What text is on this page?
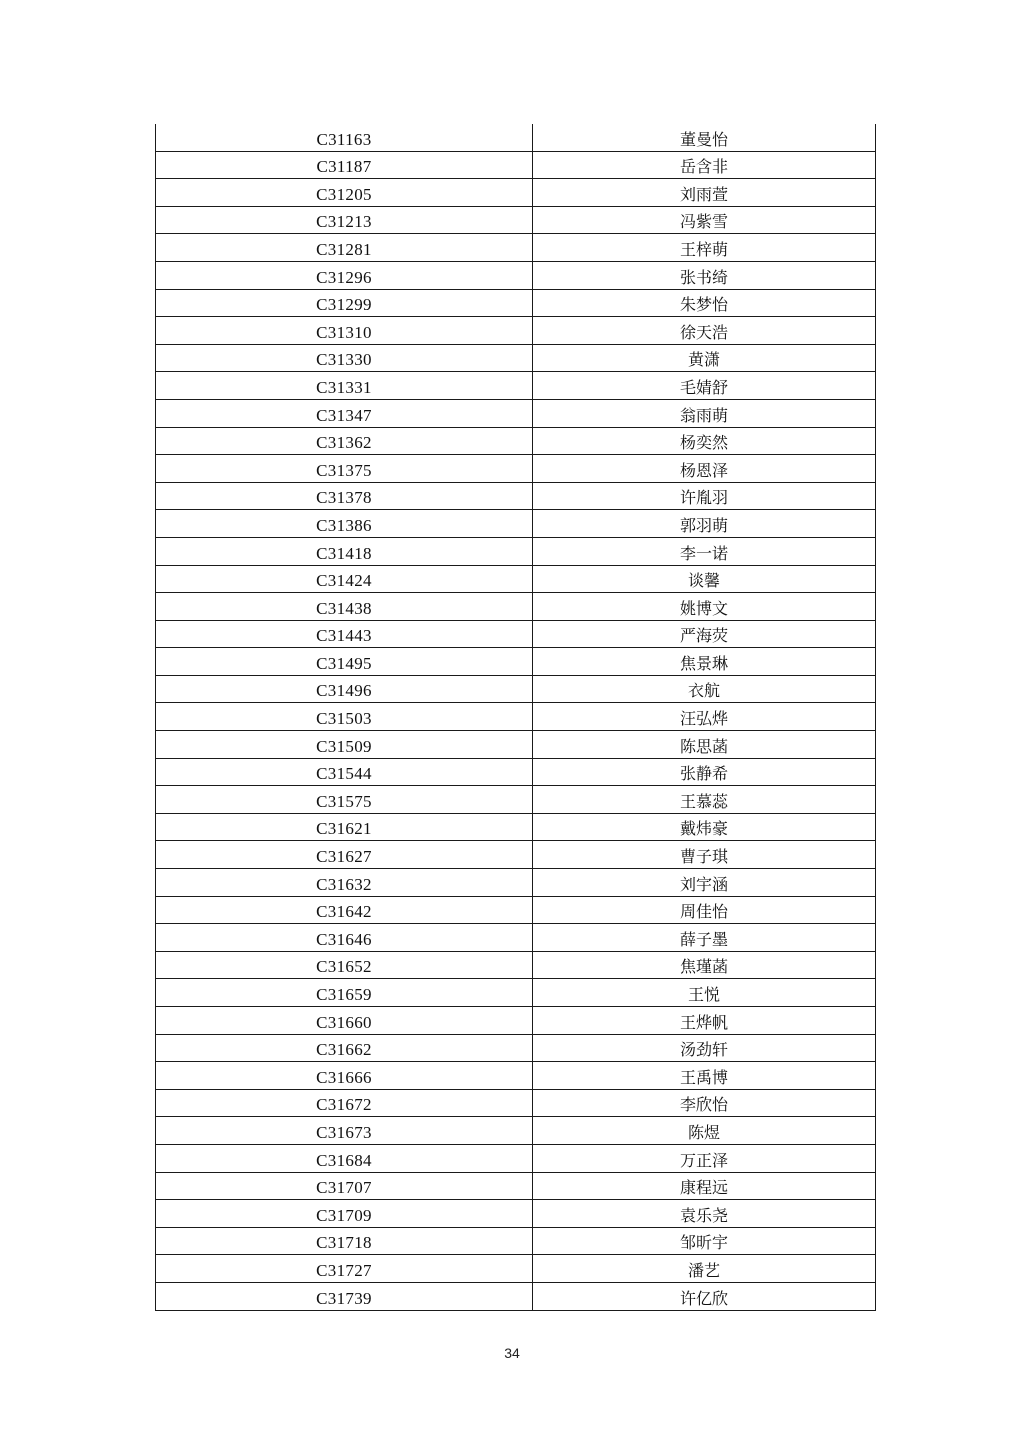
C31163	董曼怡
C31187	岳含非
C31205	刘雨萱
C31213	冯紫雪
C31281	王梓萌
C31296	张书绮
C31299	朱梦怡
C31310	徐天浩
C31330	黄潇
C31331	毛婧舒
C31347	翁雨萌
C31362	杨奕然
C31375	杨恩泽
C31378	许胤羽
C31386	郭羽萌
C31418	李一诺
C31424	谈馨
C31438	姚博文
C31443	严海荧
C31495	焦景琳
C31496	衣航
C31503	汪弘烨
C31509	陈思菡
C31544	张静希
C31575	王慕蕊
C31621	戴炜豪
C31627	曹子琪
C31632	刘宇涵
C31642	周佳怡
C31646	薛子墨
C31652	焦瑾菡
C31659	王悦
C31660	王烨帆
C31662	汤劲轩
C31666	王禹博
C31672	李欣怡
C31673	陈煜
C31684	万正泽
C31707	康程远
C31709	袁乐尧
C31718	邹昕宇
C31727	潘艺
C31739	许亿欣
34
